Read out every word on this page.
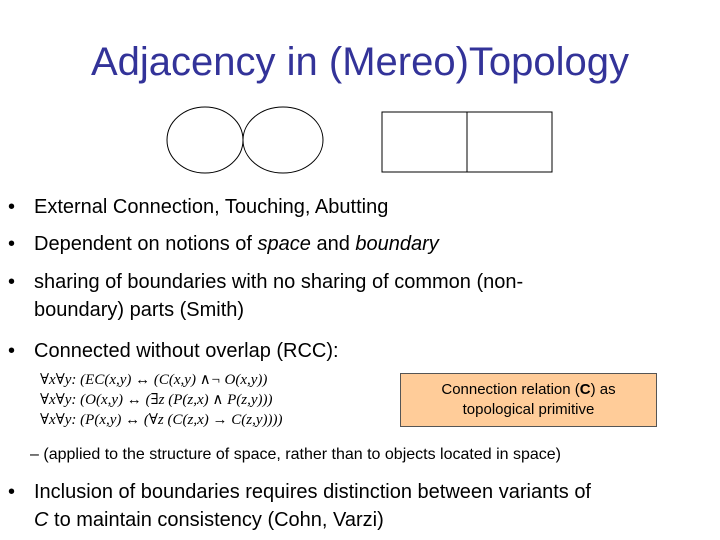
Adjacency in (Mereo)Topology
• External Connection, Touching, Abutting
• Dependent on notions of space and boundary
• sharing of boundaries with no sharing of common (non-
boundary) parts (Smith)
• Connected without overlap (RCC):
∀x∀y: (EC(x,y) ↔ (C(x,y) ∧¬ O(x,y))
∀x∀y: (O(x,y) ↔ (∃z (P(z,x) ∧ P(z,y)))
∀x∀y: (P(x,y) ↔ (∀z (C(z,x) → C(z,y))))
Connection relation (C) as
topological primitive
– (applied to the structure of space, rather than to objects located in space)
• Inclusion of boundaries requires distinction between variants of
C to maintain consistency (Cohn, Varzi)
